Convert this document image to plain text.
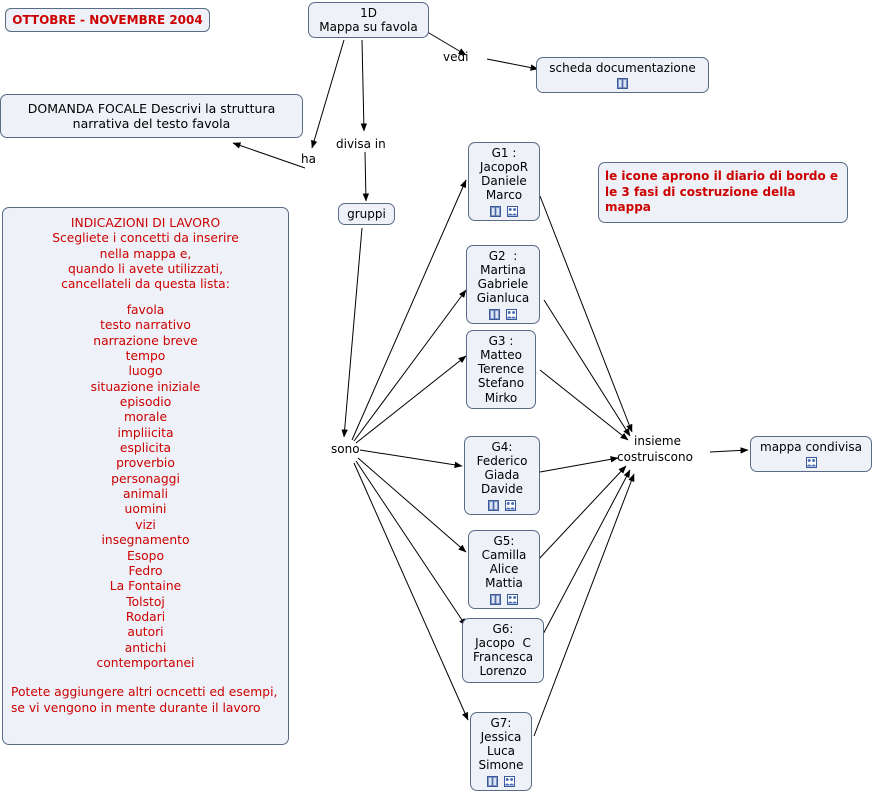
OTTOBRE - NOVEMBRE 2004	1D
Mappa su favola
vedi
scheda documentazione
ha
DOMANDA FOCALE Descrivi la struttura narrativa del testo favola
divisa in
gruppi
sono
le icone aprono il diario di bordo e le 3 fasi di costruzione della mappa
G1 :
JacopoR
Daniele
Marco

G2  :
Martina
Gabriele
Gianluca

G3 :
Matteo
Terence
Stefano
Mirko
G4:
Federico
Giada
Davide

G5:
Camilla
Alice
Mattia

G6:
Jacopo  C
Francesca
Lorenzo
G7:
Jessica
Luca
Simone

insieme
costruiscono
mappa condivisa
INDICAZIONI DI LAVORO
Scegliete i concetti da inserire
nella mappa e,
quando li avete utilizzati,
cancellateli da questa lista:
favola
testo narrativo
narrazione breve
tempo
luogo
situazione iniziale
episodio
morale
impliicita
esplicita
proverbio
personaggi
animali
uomini
vizi
insegnamento
Esopo
Fedro
La Fontaine
Tolstoj
Rodari
autori
antichi
contemportanei
Potete aggiungere altri ocncetti ed esempi, se vi vengono in mente durante il lavoro
